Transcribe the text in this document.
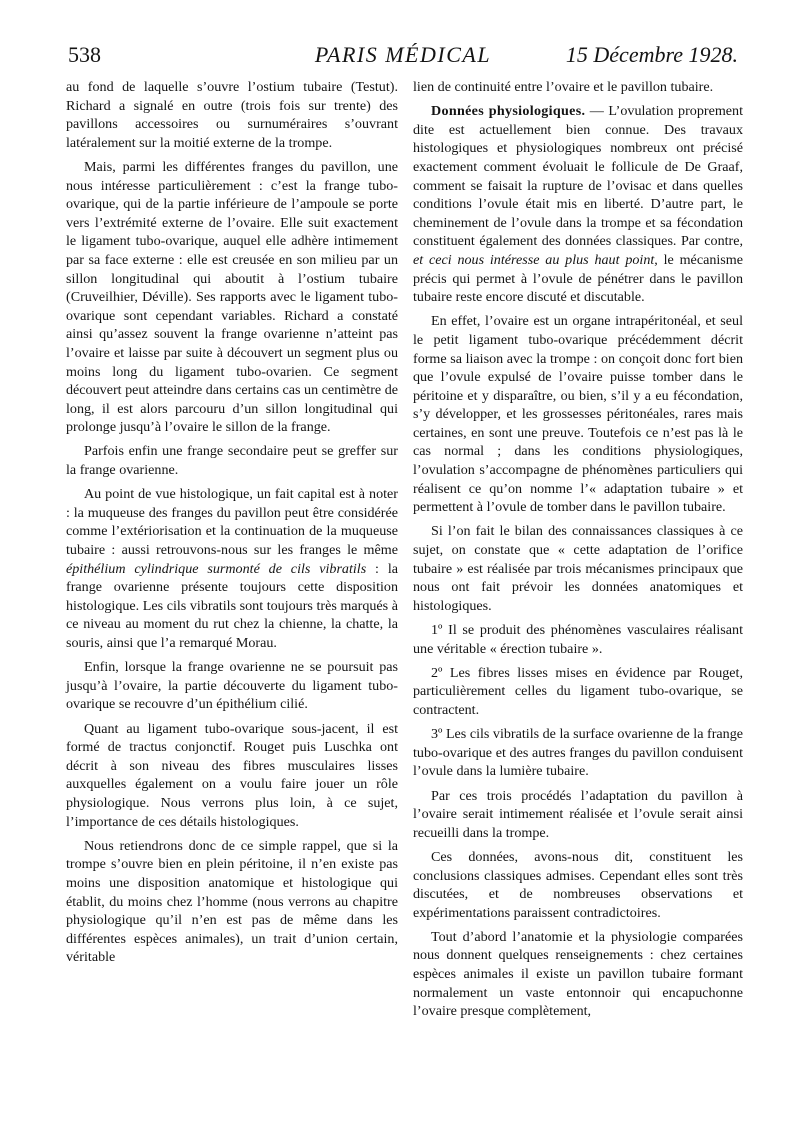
538	PARIS MÉDICAL	15 Décembre 1928.

au fond de laquelle s’ouvre l’ostium tubaire (Testut). Richard a signalé en outre (trois fois sur trente) des pavillons accessoires ou surnuméraires s’ouvrant latéralement sur la moitié externe de la trompe.

Mais, parmi les différentes franges du pavillon, une nous intéresse particulièrement : c’est la frange tubo-ovarique, qui de la partie inférieure de l’ampoule se porte vers l’extrémité externe de l’ovaire. Elle suit exactement le ligament tubo-ovarique, auquel elle adhère intimement par sa face externe : elle est creusée en son milieu par un sillon longitudinal qui aboutit à l’ostium tubaire (Cruveilhier, Déville). Ses rapports avec le ligament tubo-ovarique sont cependant variables. Richard a constaté ainsi qu’assez souvent la frange ovarienne n’atteint pas l’ovaire et laisse par suite à découvert un segment plus ou moins long du ligament tubo-ovarien. Ce segment découvert peut atteindre dans certains cas un centimètre de long, il est alors parcouru d’un sillon longitudinal qui prolonge jusqu’à l’ovaire le sillon de la frange.

Parfois enfin une frange secondaire peut se greffer sur la frange ovarienne.

Au point de vue histologique, un fait capital est à noter : la muqueuse des franges du pavillon peut être considérée comme l’extériorisation et la continuation de la muqueuse tubaire : aussi retrouvons-nous sur les franges le même épithélium cylindrique surmonté de cils vibratils : la frange ovarienne présente toujours cette disposition histologique. Les cils vibratils sont toujours très marqués à ce niveau au moment du rut chez la chienne, la chatte, la souris, ainsi que l’a remarqué Morau.

Enfin, lorsque la frange ovarienne ne se poursuit pas jusqu’à l’ovaire, la partie découverte du ligament tubo-ovarique se recouvre d’un épithélium cilié.

Quant au ligament tubo-ovarique sous-jacent, il est formé de tractus conjonctif. Rouget puis Luschka ont décrit à son niveau des fibres musculaires lisses auxquelles également on a voulu faire jouer un rôle physiologique. Nous verrons plus loin, à ce sujet, l’importance de ces détails histologiques.

Nous retiendrons donc de ce simple rappel, que si la trompe s’ouvre bien en plein péritoine, il n’en existe pas moins une disposition anatomique et histologique qui établit, du moins chez l’homme (nous verrons au chapitre physiologique qu’il n’en est pas de même dans les différentes espèces animales), un trait d’union certain, véritable

lien de continuité entre l’ovaire et le pavillon tubaire.

Données physiologiques. — L’ovulation proprement dite est actuellement bien connue. Des travaux histologiques et physiologiques nombreux ont précisé exactement comment évoluait le follicule de De Graaf, comment se faisait la rupture de l’ovisac et dans quelles conditions l’ovule était mis en liberté. D’autre part, le cheminement de l’ovule dans la trompe et sa fécondation constituent également des données classiques. Par contre, et ceci nous intéresse au plus haut point, le mécanisme précis qui permet à l’ovule de pénétrer dans le pavillon tubaire reste encore discuté et discutable.

En effet, l’ovaire est un organe intrapéritonéal, et seul le petit ligament tubo-ovarique précédemment décrit forme sa liaison avec la trompe : on conçoit donc fort bien que l’ovule expulsé de l’ovaire puisse tomber dans le péritoine et y disparaître, ou bien, s’il y a eu fécondation, s’y développer, et les grossesses péritonéales, rares mais certaines, en sont une preuve. Toutefois ce n’est pas là le cas normal ; dans les conditions physiologiques, l’ovulation s’accompagne de phénomènes particuliers qui réalisent ce qu’on nomme l’« adaptation tubaire » et permettent à l’ovule de tomber dans le pavillon tubaire.

Si l’on fait le bilan des connaissances classiques à ce sujet, on constate que « cette adaptation de l’orifice tubaire » est réalisée par trois mécanismes principaux que nous ont fait prévoir les données anatomiques et histologiques.

1º Il se produit des phénomènes vasculaires réalisant une véritable « érection tubaire ».

2º Les fibres lisses mises en évidence par Rouget, particulièrement celles du ligament tubo-ovarique, se contractent.

3º Les cils vibratils de la surface ovarienne de la frange tubo-ovarique et des autres franges du pavillon conduisent l’ovule dans la lumière tubaire.

Par ces trois procédés l’adaptation du pavillon à l’ovaire serait intimement réalisée et l’ovule serait ainsi recueilli dans la trompe.

Ces données, avons-nous dit, constituent les conclusions classiques admises. Cependant elles sont très discutées, et de nombreuses observations et expérimentations paraissent contradictoires.

Tout d’abord l’anatomie et la physiologie comparées nous donnent quelques renseignements : chez certaines espèces animales il existe un pavillon tubaire formant normalement un vaste entonnoir qui encapuchonne l’ovaire presque complètement,
